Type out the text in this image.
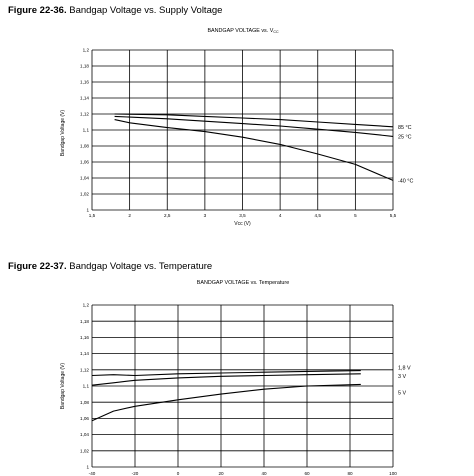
Figure 22-36. Bandgap Voltage vs. Supply Voltage
BANDGAP VOLTAGE vs. VCC
1,5	2	2,5	3	3,5	4	4,5	5	5,5
1
1,02
1,04
1,06
1,08
1,1
1,12
1,14
1,16
1,18
1,2
Vcc (V)
Bandgap Voltage (V)	85 °C
25 °C
-40 °C
Figure 22-37. Bandgap Voltage vs. Temperature
BANDGAP VOLTAGE vs. Temperature
-40	-20	0	20	40	60	80	100
1
1,02
1,04
1,06
1,08
1,1
1,12
1,14
1,16
1,18
1,2
Bandgap Voltage (V)	1,8 V
3 V
5 V
